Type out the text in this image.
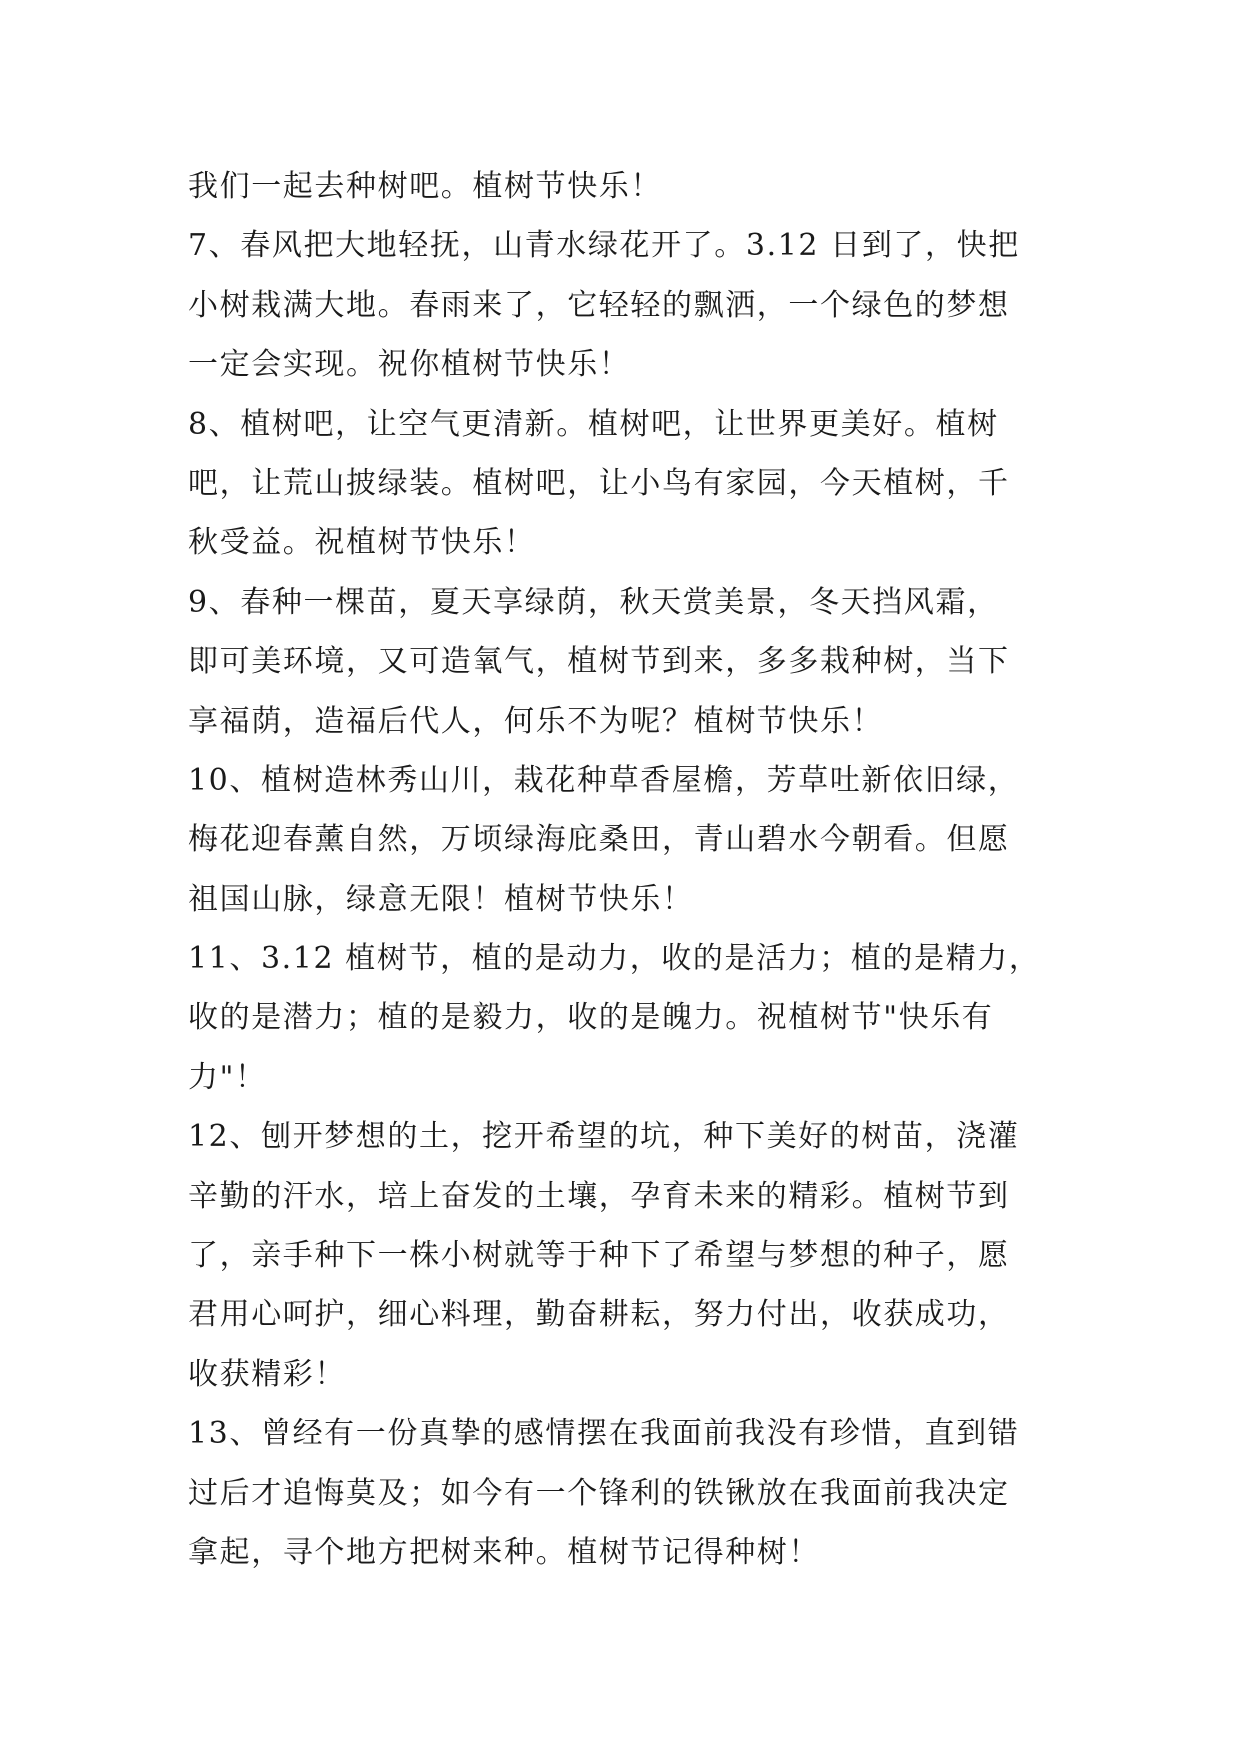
我们一起去种树吧。植树节快乐！
7、春风把大地轻抚，山青水绿花开了。3.12 日到了，快把
小树栽满大地。春雨来了，它轻轻的飘洒，一个绿色的梦想
一定会实现。祝你植树节快乐！
8、植树吧，让空气更清新。植树吧，让世界更美好。植树
吧，让荒山披绿装。植树吧，让小鸟有家园，今天植树，千
秋受益。祝植树节快乐！
9、春种一棵苗，夏天享绿荫，秋天赏美景，冬天挡风霜，
即可美环境，又可造氧气，植树节到来，多多栽种树，当下
享福荫，造福后代人，何乐不为呢？植树节快乐！
10、植树造林秀山川，栽花种草香屋檐，芳草吐新依旧绿，
梅花迎春薰自然，万顷绿海庇桑田，青山碧水今朝看。但愿
祖国山脉，绿意无限！植树节快乐！
11、3.12 植树节，植的是动力，收的是活力；植的是精力，
收的是潜力；植的是毅力，收的是魄力。祝植树节"快乐有
力"！
12、刨开梦想的土，挖开希望的坑，种下美好的树苗，浇灌
辛勤的汗水，培上奋发的土壤，孕育未来的精彩。植树节到
了，亲手种下一株小树就等于种下了希望与梦想的种子，愿
君用心呵护，细心料理，勤奋耕耘，努力付出，收获成功，
收获精彩！
13、曾经有一份真挚的感情摆在我面前我没有珍惜，直到错
过后才追悔莫及；如今有一个锋利的铁锹放在我面前我决定
拿起，寻个地方把树来种。植树节记得种树！
